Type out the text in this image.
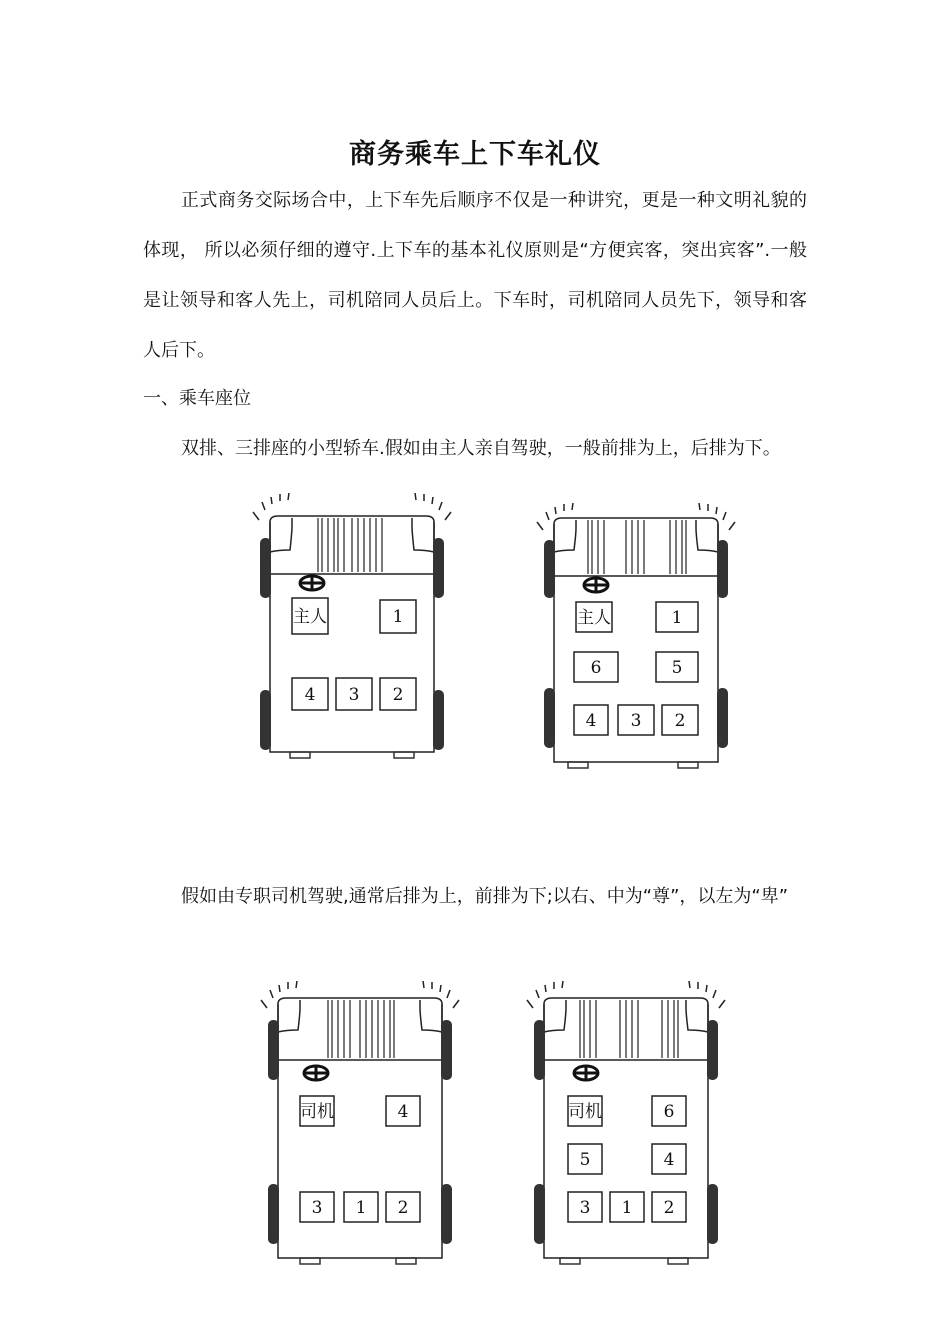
商务乘车上下车礼仪

正式商务交际场合中，上下车先后顺序不仅是一种讲究，更是一种文明礼貌的体现， 所以必须仔细的遵守.上下车的基本礼仪原则是“方便宾客，突出宾客”.一般是让领导和客人先上，司机陪同人员后上。下车时，司机陪同人员先下，领导和客人后下。

一、乘车座位

双排、三排座的小型轿车.假如由主人亲自驾驶，一般前排为上，后排为下。

主人	1
4 3 2
主人	1
6	5
4 3 2

假如由专职司机驾驶,通常后排为上，前排为下;以右、中为“尊”，以左为“卑”

司机	4
3 1 2
司机	6
5	4
3 1 2
